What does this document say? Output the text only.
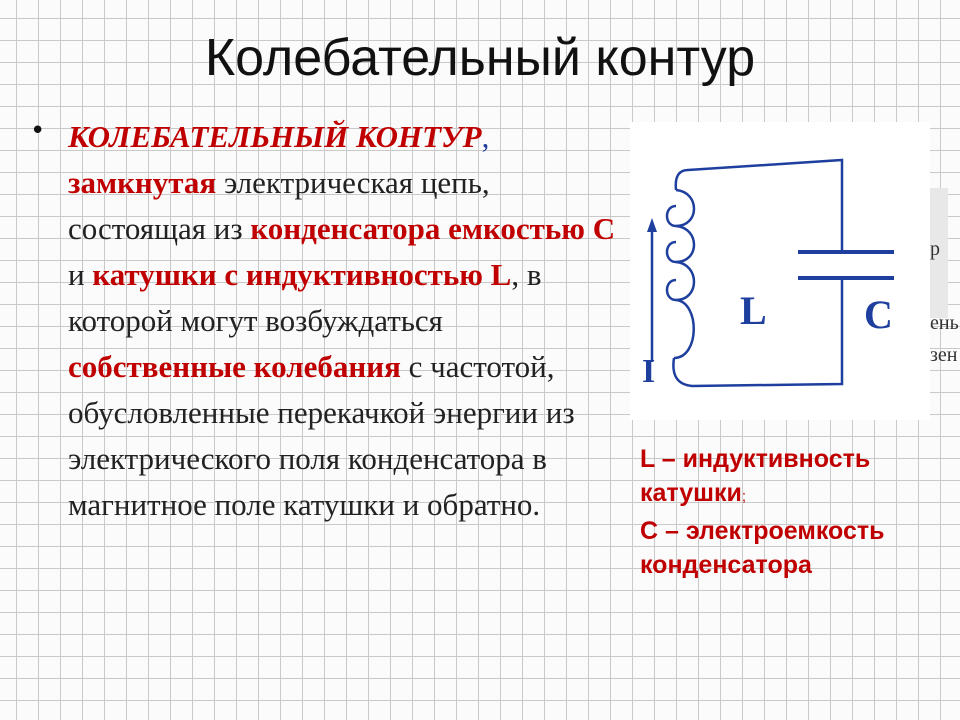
Колебательный контур
• КОЛЕБАТЕЛЬНЫЙ КОНТУР,
замкнутая электрическая цепь, состоящая из конденсатора емкостью С и катушки с индуктивностью L, в которой могут возбуждаться собственные колебания с частотой, обусловленные перекачкой энергии из электрического поля конденсатора в магнитное поле катушки и обратно.
L C
I
р
ень
зен
L – индуктивность катушки;
С – электроемкость конденсатора
